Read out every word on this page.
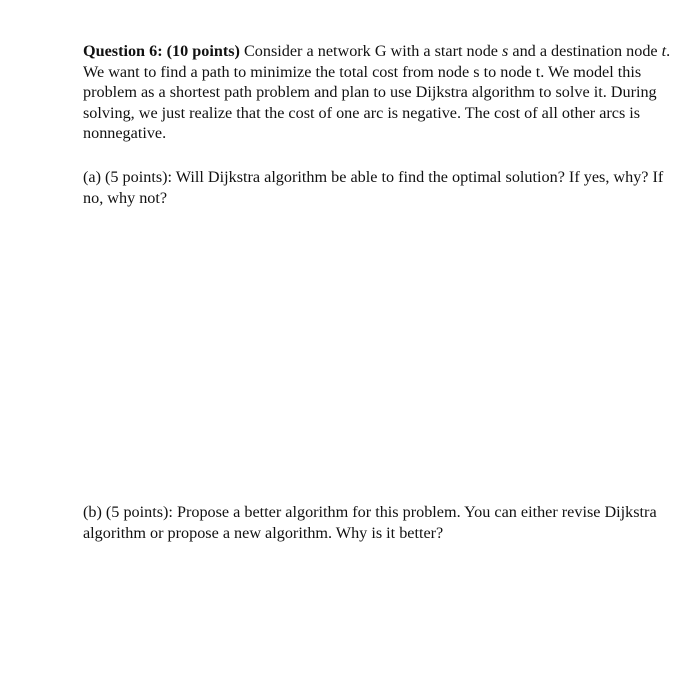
Question 6: (10 points) Consider a network G with a start node s and a destination node t. We want to find a path to minimize the total cost from node s to node t. We model this problem as a shortest path problem and plan to use Dijkstra algorithm to solve it. During solving, we just realize that the cost of one arc is negative. The cost of all other arcs is nonnegative.

(a) (5 points): Will Dijkstra algorithm be able to find the optimal solution? If yes, why? If no, why not?

(b) (5 points): Propose a better algorithm for this problem. You can either revise Dijkstra algorithm or propose a new algorithm. Why is it better?
